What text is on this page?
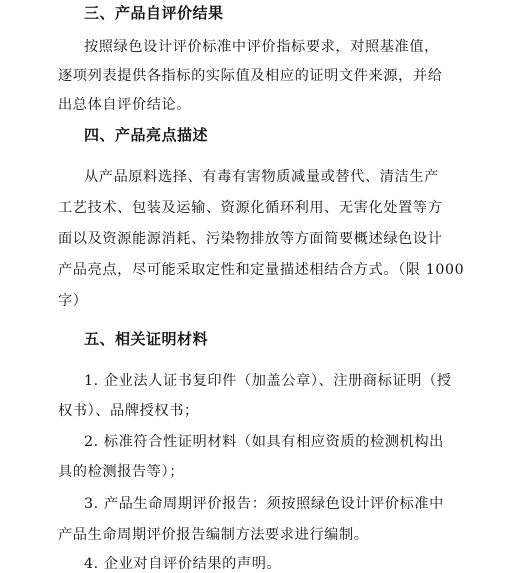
三、产品自评价结果
按照绿色设计评价标准中评价指标要求，对照基准值，
逐项列表提供各指标的实际值及相应的证明文件来源，并给
出总体自评价结论。
四、产品亮点描述
从产品原料选择、有毒有害物质减量或替代、清洁生产
工艺技术、包装及运输、资源化循环利用、无害化处置等方
面以及资源能源消耗、污染物排放等方面简要概述绿色设计
产品亮点，尽可能采取定性和定量描述相结合方式。（限 1000
字）
五、相关证明材料
1. 企业法人证书复印件（加盖公章）、注册商标证明（授
权书）、品牌授权书；
2. 标准符合性证明材料（如具有相应资质的检测机构出
具的检测报告等）；
3. 产品生命周期评价报告：须按照绿色设计评价标准中
产品生命周期评价报告编制方法要求进行编制。
4. 企业对自评价结果的声明。
